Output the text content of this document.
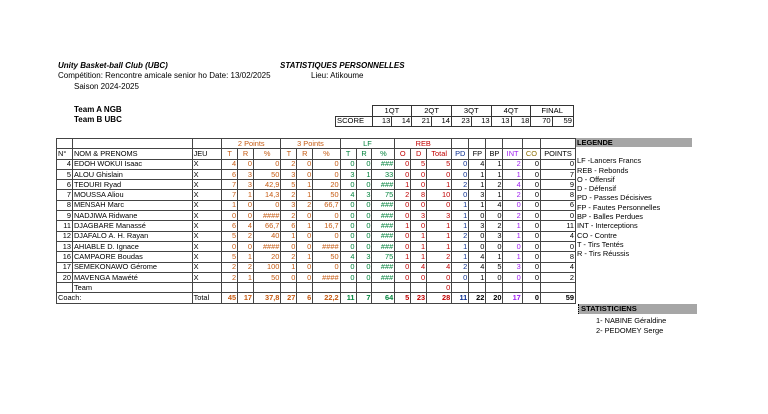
Unity Basket-ball Club (UBC)	STATISTIQUES PERSONNELLES
Compétition: Rencontre amicale senior ho Date: 13/02/2025	Lieu: Atikoume
Saison 2024-2025
Team A NGB
Team B UBC
	1QT		2QT		3QT		4QT		FINAL	
SCORE	13	14	21	14	23	13	13	18	70	59
			2 Points			3 Points			LF			REB								
N°	NOM & PRENOMS	JEU	T	R	%	T	R	%	T	R	%	O	D	Total	PD	FP	BP	INT	CO	POINTS
4	EDOH WOKUI Isaac	X	4	0	0	2	0	0	0	0	###	0	5	5	0	4	1	2	0	0
5	ALOU Ghislain	X	6	3	50	3	0	0	3	1	33	0	0	0	0	1	1	1	0	7
6	TEOURI Ryad	X	7	3	42,9	5	1	20	0	0	###	1	0	1	2	1	2	4	0	9
7	MOUSSA Aliou	X	7	1	14,3	2	1	50	4	3	75	2	8	10	0	3	1	2	0	8
8	MENSAH Marc	X	1	0	0	3	2	66,7	0	0	###	0	0	0	1	1	4	0	0	6
9	NADJIWA Ridwane	X	0	0	####	2	0	0	0	0	###	0	3	3	1	0	0	2	0	0
11	DJAGBARE Manassé	X	6	4	66,7	6	1	16,7	0	0	###	1	0	1	1	3	2	1	0	11
12	DJAFALO A. H. Rayan	X	5	2	40	1	0	0	0	0	###	0	1	1	2	0	3	1	0	4
13	AHIABLE D. Ignace	X	0	0	####	0	0	####	0	0	###	0	1	1	1	0	0	0	0	0
16	CAMPAORE Boudas	X	5	1	20	2	1	50	4	3	75	1	1	2	1	4	1	1	0	8
17	SEMEKONAWO Gérome	X	2	2	100	1	0	0	0	0	###	0	4	4	2	4	5	3	0	4
20	MAVENGA Mawété	X	2	1	50	0	0	####	0	0	###	0	0	0	0	1	0	0	0	2
	Team													0						
Coach:		Total	45	17	37,8	27	6	22,2	11	7	64	5	23	28	11	22	20	17	0	59
LEGENDE

LF -Lancers Francs
REB - Rebonds
O - Offensif
D - Défensif
PD - Passes Décisives
FP - Fautes Personnelles
BP - Balles Perdues
INT - Interceptions
CO - Contre
T - Tirs Tentés
R - Tirs Réussis

STATISTICIENS
1- NABINE Géraldine
2- PEDOMEY Serge
